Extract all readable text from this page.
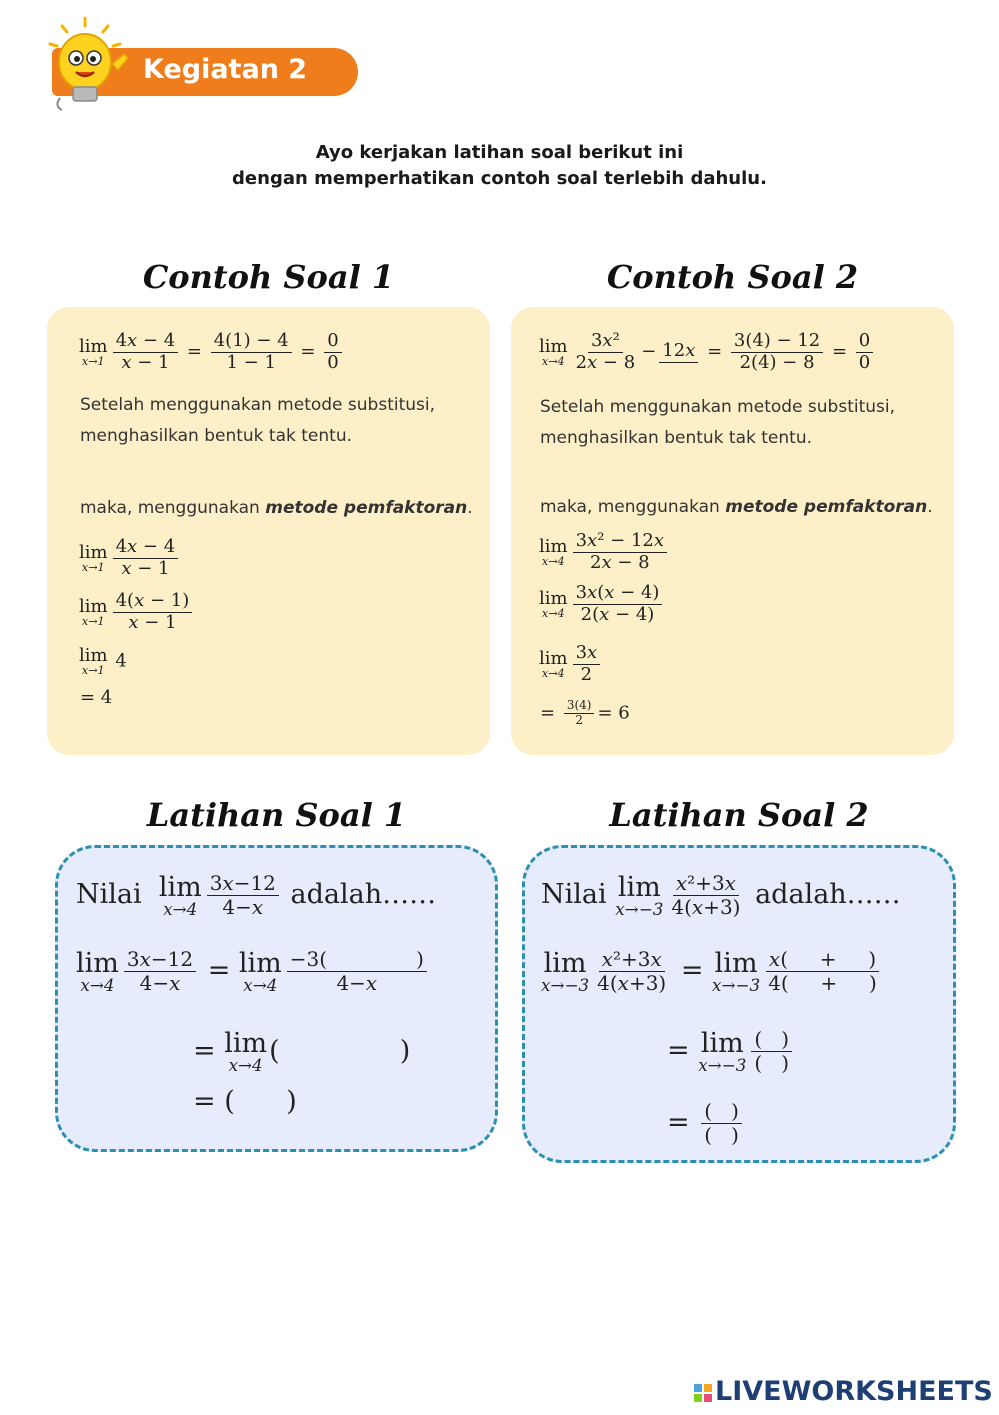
Kegiatan 2
Ayo kerjakan latihan soal berikut ini
dengan memperhatikan contoh soal terlebih dahulu.
Contoh Soal 1
lim
$x\to 1 \frac{4x - 4}{x - 1} = \frac{4(1) - 4}{1 - 1} = \frac{0}{0}$
Setelah menggunakan metode substitusi,
menghasilkan bentuk tak tentu.
maka, menggunakan metode pemfaktoran.
lim
$x\to 1 \frac{4x - 4}{x - 1}$
lim
$x\to 1 \frac{4(x - 1)}{x - 1}$
lim
x→1 4
= 4
Contoh Soal 2
lim
$x\to 4 \frac{\text{3x²}}{2x - 8} - 12x = \frac{3(4) - 12}{2(4) - 8} = \frac{0}{0}$
Setelah menggunakan metode substitusi,
menghasilkan bentuk tak tentu.
maka, menggunakan metode pemfaktoran.
lim
$x\to 4 \frac{\text{3x² − 12x}}{2x - 8}$
lim
$x\to 4 \frac{3x(x - 4)}{2(x - 4)}$
lim
$x\to 4 \frac{3x}{2}$
= $\frac{3(4)}{2} = 6$
Latihan Soal 1
Nilai lim
$x\to 4 \frac{3x-12}{4-x}$ adalah……
lim
$x\to 4 \frac{3x-12}{4-x} = \lim$
$x\to 4 \frac{-3( )}{4-x}$
= lim
x→4 (              )
= (      )
Latihan Soal 2
Nilai lim
$x\to-3 \frac{\text{x²+3x}}{4(x+3)}$ adalah……
lim
$x\to-3 \frac{\text{x²+3x}}{4(x+3)} = \lim$
$x\to-3 \frac{x( + )}{4( + )}$
= lim
$x\to-3 \frac{( )}{( )}$
= $\frac{( )}{( )}$
LIVEWORKSHEETS
